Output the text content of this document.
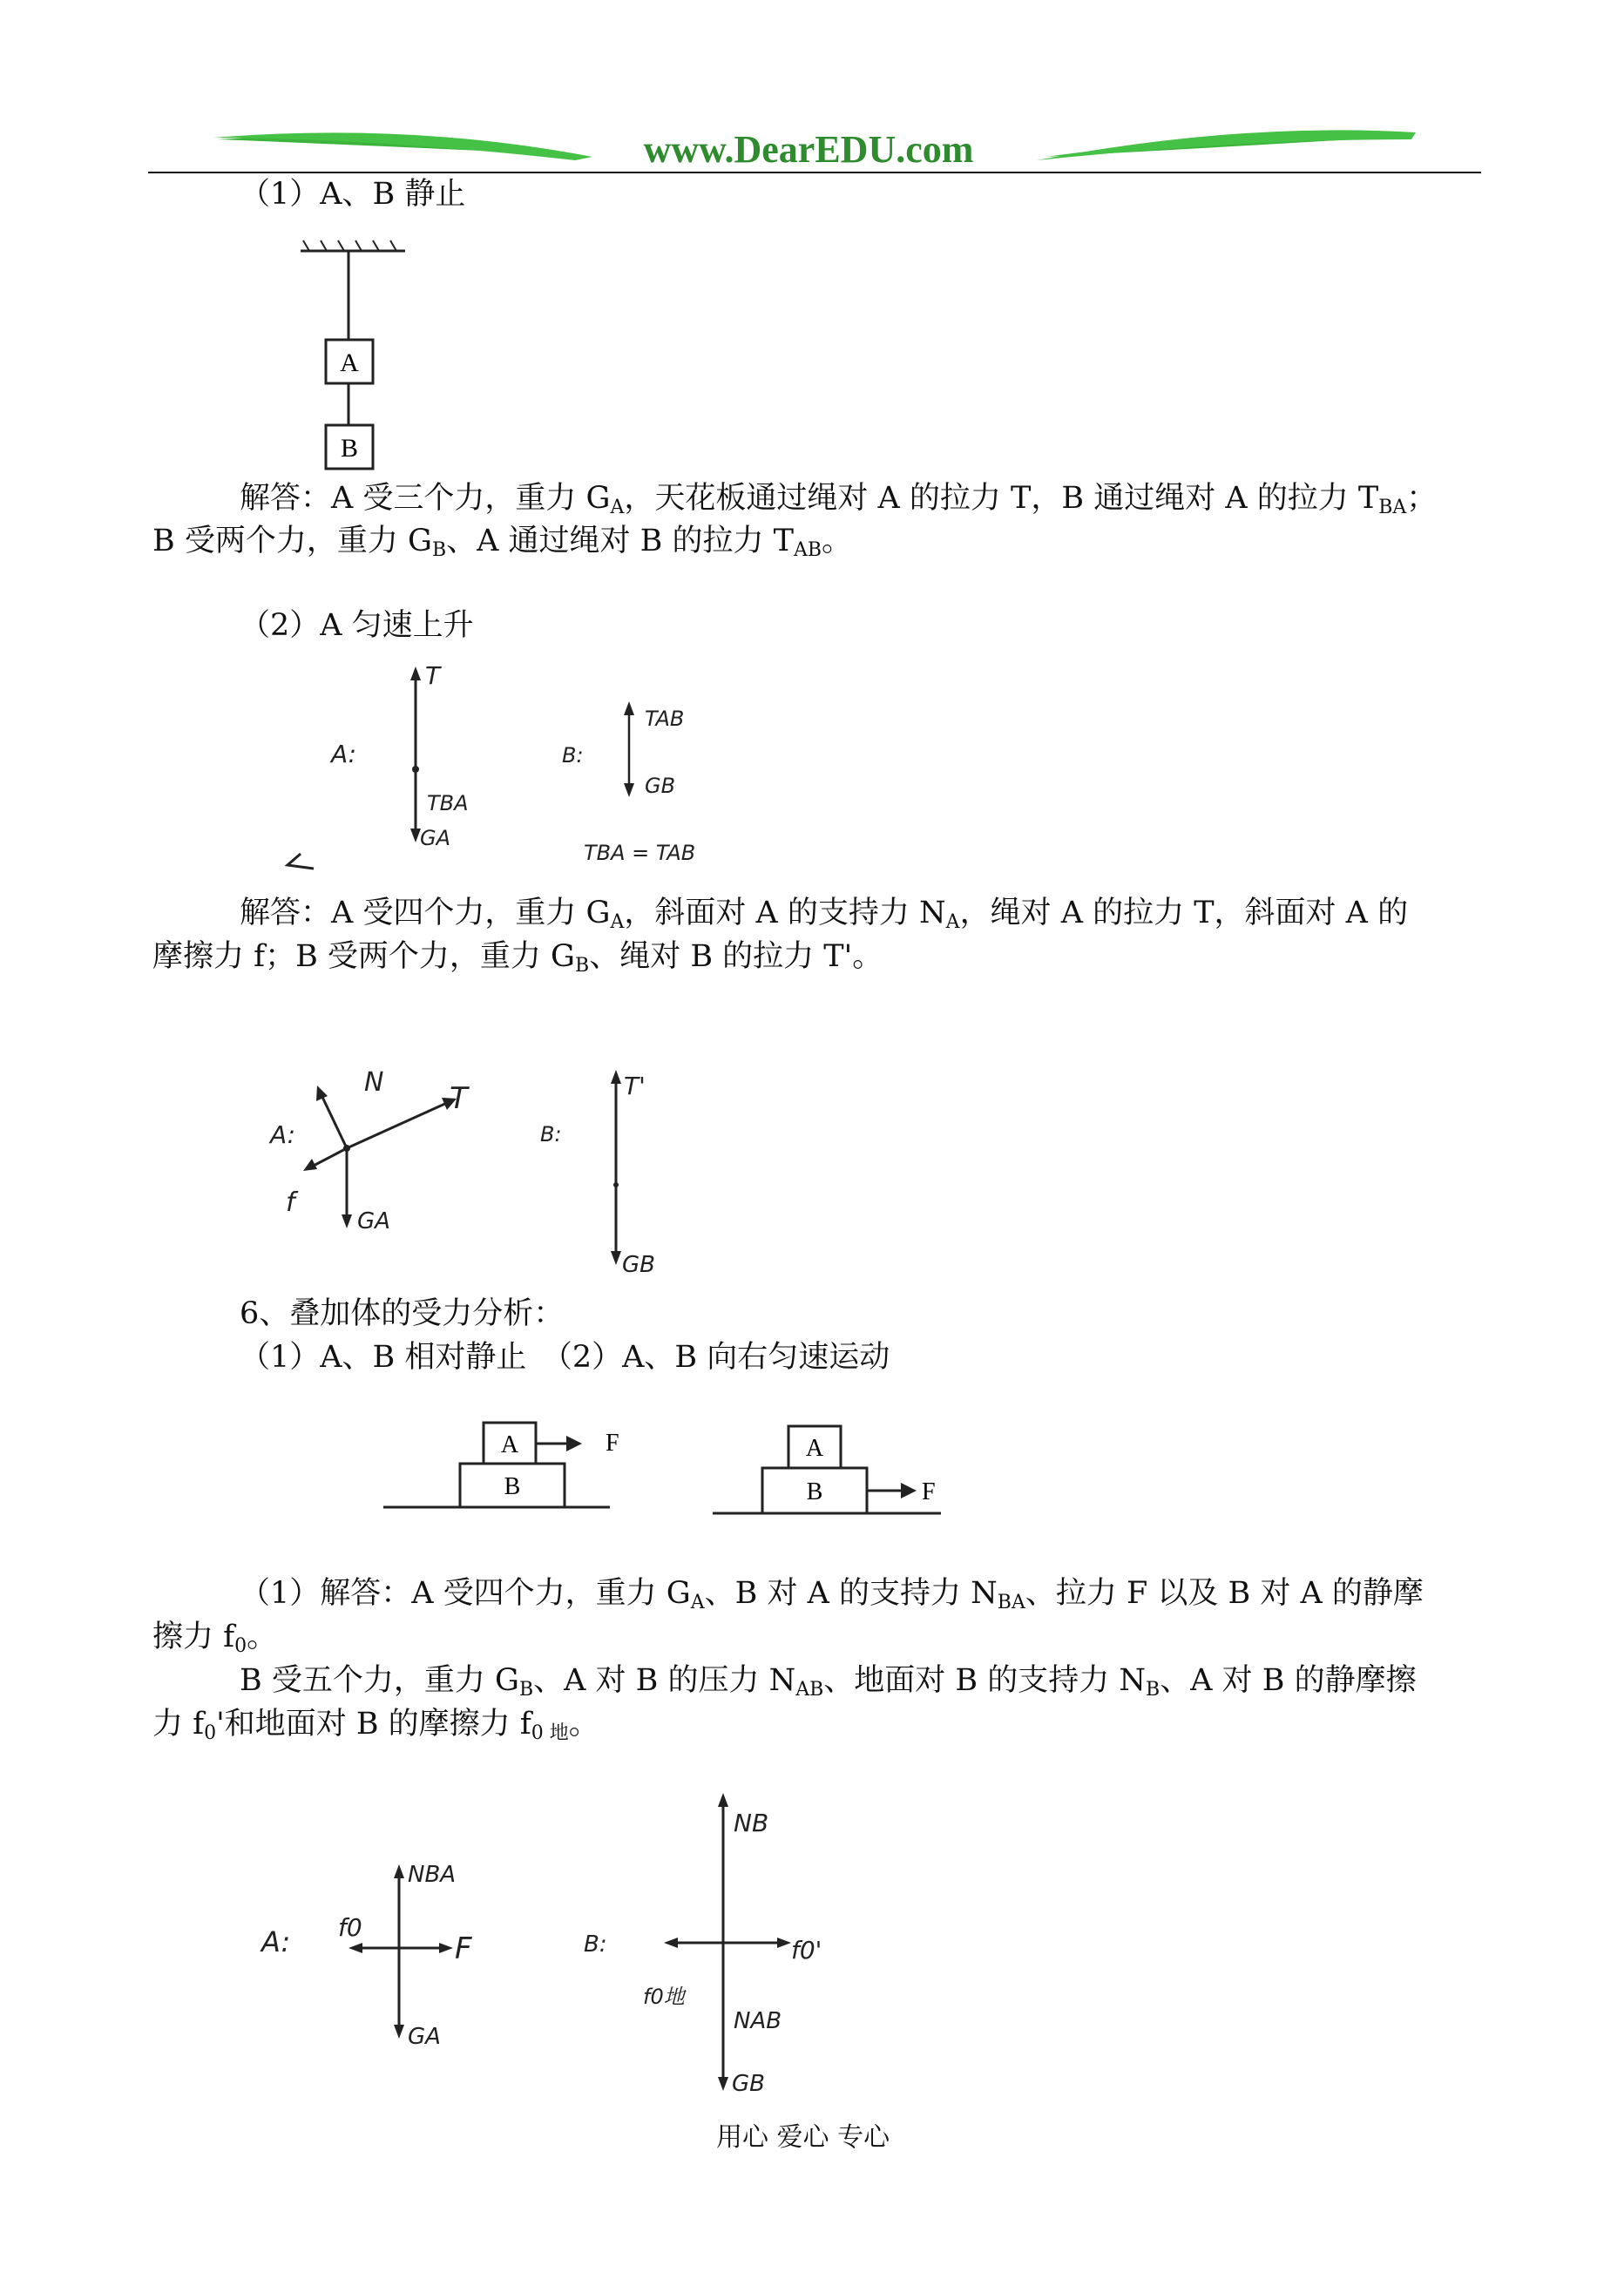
www.DearEDU.com
（1）A、B 静止
A
B
解答：A 受三个力，重力 $G_A$，天花板通过绳对 A 的拉力 T，B 通过绳对 A 的拉力 $T_{BA}$；
B 受两个力，重力 $G_B$、A 通过绳对 B 的拉力 $T_{AB}$。
（2）A 匀速上升
A:
T
TBA
GA
B:
TAB
GB
TBA = TAB
解答：A 受四个力，重力 $G_A$，斜面对 A 的支持力 $N_A$，绳对 A 的拉力 T，斜面对 A 的
摩擦力 f；B 受两个力，重力 $G_B$、绳对 B 的拉力 T'。
A:
T
N
f
GA
B:
T'
GB
6、叠加体的受力分析：
（1）A、B 相对静止　（2）A、B 向右匀速运动
B
A	F
B
A
F
（1）解答：A 受四个力，重力 $G_A$、B 对 A 的支持力 $N_{BA}$、拉力 F 以及 B 对 A 的静摩
擦力 $f_0$。
B 受五个力，重力 $G_B$、A 对 B 的压力 $N_{AB}$、地面对 B 的支持力 $N_B$、A 对 B 的静摩擦
力 $f_0'$和地面对 B 的摩擦力 $f_{0 地}$。
A:
NBA
f0
F
GA
B:
NB
f0'
f0地
NAB
GB
用心 爱心 专心
